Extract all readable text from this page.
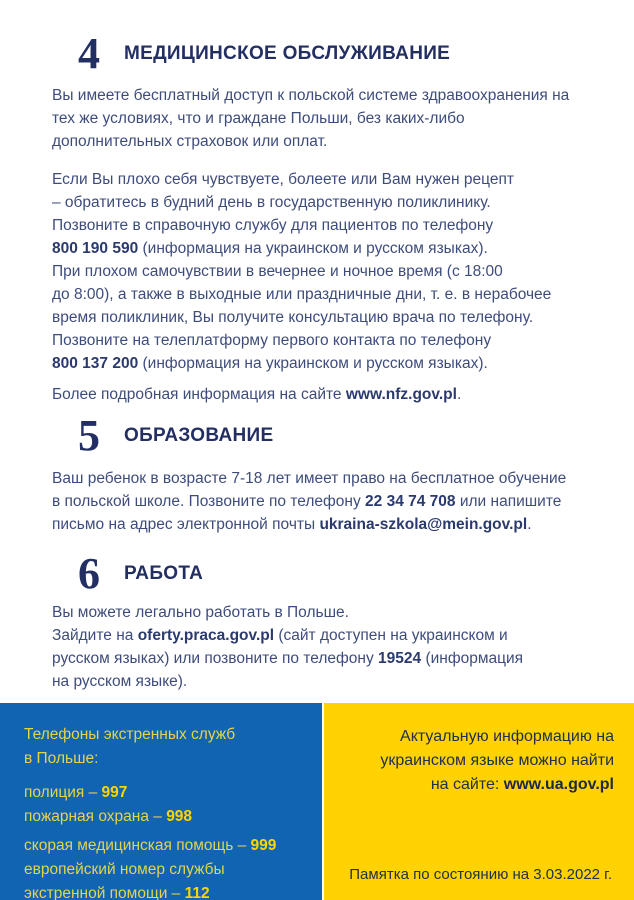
4 МЕДИЦИНСКОЕ ОБСЛУЖИВАНИЕ
Вы имеете бесплатный доступ к польской системе здравоохранения на
тех же условиях, что и граждане Польши, без каких-либо
дополнительных страховок или оплат.
Если Вы плохо себя чувствуете, болеете или Вам нужен рецепт
– обратитесь в будний день в государственную поликлинику.
Позвоните в справочную службу для пациентов по телефону
800 190 590 (информация на украинском и русском языках).
При плохом самочувствии в вечернее и ночное время (с 18:00
до 8:00), а также в выходные или праздничные дни, т. е. в нерабочее
время поликлиник, Вы получите консультацию врача по телефону.
Позвоните на телеплатформу первого контакта по телефону
800 137 200 (информация на украинском и русском языках).
Более подробная информация на сайте www.nfz.gov.pl.
5 ОБРАЗОВАНИЕ
Ваш ребенок в возрасте 7-18 лет имеет право на бесплатное обучение
в польской школе. Позвоните по телефону 22 34 74 708 или напишите
письмо на адрес электронной почты ukraina-szkola@mein.gov.pl.
6 РАБОТА
Вы можете легально работать в Польше.
Зайдите на oferty.praca.gov.pl (сайт доступен на украинском и
русском языках) или позвоните по телефону 19524 (информация
на русском языке).
Телефоны экстренных служб
в Польше:
полиция – 997
пожарная охрана – 998
скорая медицинская помощь – 999
европейский номер службы
экстренной помощи – 112
Актуальную информацию на
украинском языке можно найти
на сайте: www.ua.gov.pl
Памятка по состоянию на 3.03.2022 г.
